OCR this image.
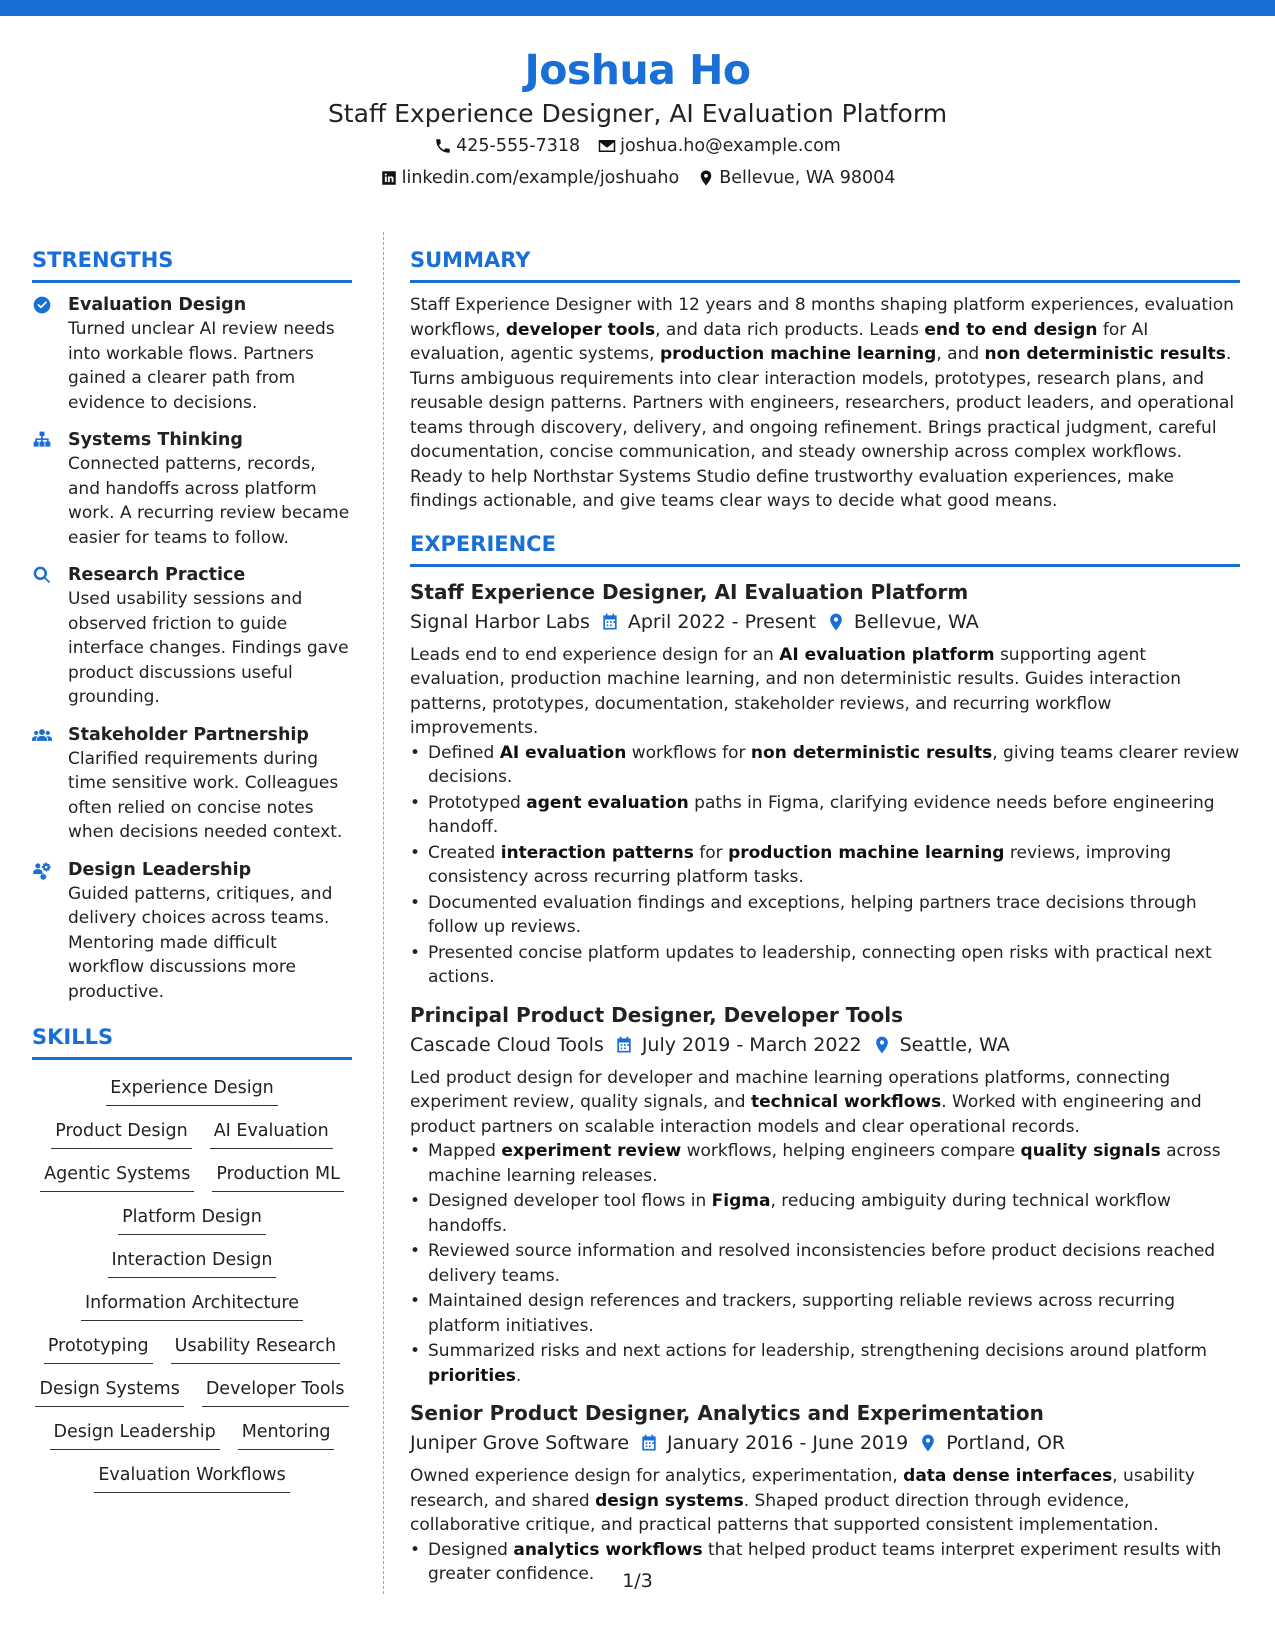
Joshua Ho
Staff Experience Designer, AI Evaluation Platform
425-555-7318 joshua.ho@example.com
linkedin.com/example/joshuaho Bellevue, WA 98004
STRENGTHS
Evaluation Design
Turned unclear AI review needs into workable flows. Partners gained a clearer path from evidence to decisions.
Systems Thinking
Connected patterns, records, and handoffs across platform work. A recurring review became easier for teams to follow.
Research Practice
Used usability sessions and observed friction to guide interface changes. Findings gave product discussions useful grounding.
Stakeholder Partnership
Clarified requirements during time sensitive work. Colleagues often relied on concise notes when decisions needed context.
Design Leadership
Guided patterns, critiques, and delivery choices across teams. Mentoring made difficult workflow discussions more productive.
SKILLS
Experience Design
Product Design AI Evaluation
Agentic Systems Production ML
Platform Design
Interaction Design
Information Architecture
Prototyping Usability Research
Design Systems Developer Tools
Design Leadership Mentoring
Evaluation Workflows
SUMMARY
Staff Experience Designer with 12 years and 8 months shaping platform experiences, evaluation workflows, developer tools, and data rich products. Leads end to end design for AI evaluation, agentic systems, production machine learning, and non deterministic results. Turns ambiguous requirements into clear interaction models, prototypes, research plans, and reusable design patterns. Partners with engineers, researchers, product leaders, and operational teams through discovery, delivery, and ongoing refinement. Brings practical judgment, careful documentation, concise communication, and steady ownership across complex workflows. Ready to help Northstar Systems Studio define trustworthy evaluation experiences, make findings actionable, and give teams clear ways to decide what good means.
EXPERIENCE
Staff Experience Designer, AI Evaluation Platform
Signal Harbor Labs April 2022 - Present Bellevue, WA
Leads end to end experience design for an AI evaluation platform supporting agent evaluation, production machine learning, and non deterministic results. Guides interaction patterns, prototypes, documentation, stakeholder reviews, and recurring workflow improvements.
• Defined AI evaluation workflows for non deterministic results, giving teams clearer review decisions.
• Prototyped agent evaluation paths in Figma, clarifying evidence needs before engineering handoff.
• Created interaction patterns for production machine learning reviews, improving consistency across recurring platform tasks.
• Documented evaluation findings and exceptions, helping partners trace decisions through follow up reviews.
• Presented concise platform updates to leadership, connecting open risks with practical next actions.
Principal Product Designer, Developer Tools
Cascade Cloud Tools July 2019 - March 2022 Seattle, WA
Led product design for developer and machine learning operations platforms, connecting experiment review, quality signals, and technical workflows. Worked with engineering and product partners on scalable interaction models and clear operational records.
• Mapped experiment review workflows, helping engineers compare quality signals across machine learning releases.
• Designed developer tool flows in Figma, reducing ambiguity during technical workflow handoffs.
• Reviewed source information and resolved inconsistencies before product decisions reached delivery teams.
• Maintained design references and trackers, supporting reliable reviews across recurring platform initiatives.
• Summarized risks and next actions for leadership, strengthening decisions around platform priorities.
Senior Product Designer, Analytics and Experimentation
Juniper Grove Software January 2016 - June 2019 Portland, OR
Owned experience design for analytics, experimentation, data dense interfaces, usability research, and shared design systems. Shaped product direction through evidence, collaborative critique, and practical patterns that supported consistent implementation.
• Designed analytics workflows that helped product teams interpret experiment results with greater confidence.	1/3
